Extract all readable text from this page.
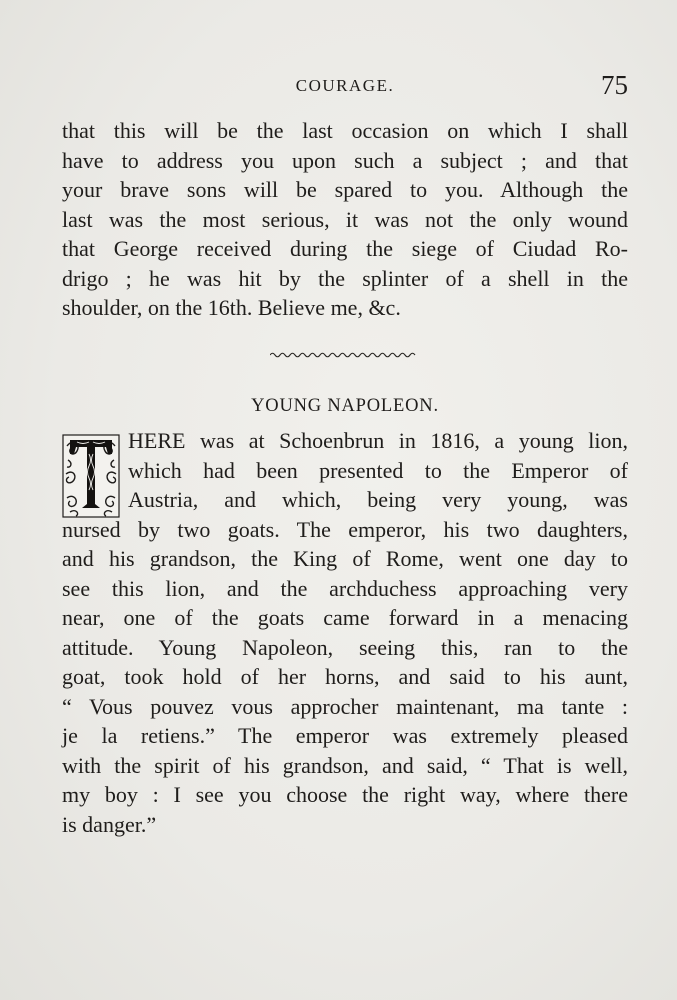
COURAGE.	75
that this will be the last occasion on which I shall
have to address you upon such a subject ; and that
your brave sons will be spared to you. Although the
last was the most serious, it was not the only wound
that George received during the siege of Ciudad Ro-
drigo ; he was hit by the splinter of a shell in the
shoulder, on the 16th. Believe me, &c.
YOUNG NAPOLEON.
HERE was at Schoenbrun in 1816, a young lion,
which had been presented to the Emperor of
Austria, and which, being very young, was
nursed by two goats. The emperor, his two daughters,
and his grandson, the King of Rome, went one day to
see this lion, and the archduchess approaching very
near, one of the goats came forward in a menacing
attitude. Young Napoleon, seeing this, ran to the
goat, took hold of her horns, and said to his aunt,
“ Vous pouvez vous approcher maintenant, ma tante :
je la retiens.” The emperor was extremely pleased
with the spirit of his grandson, and said, “ That is well,
my boy : I see you choose the right way, where there
is danger.”
